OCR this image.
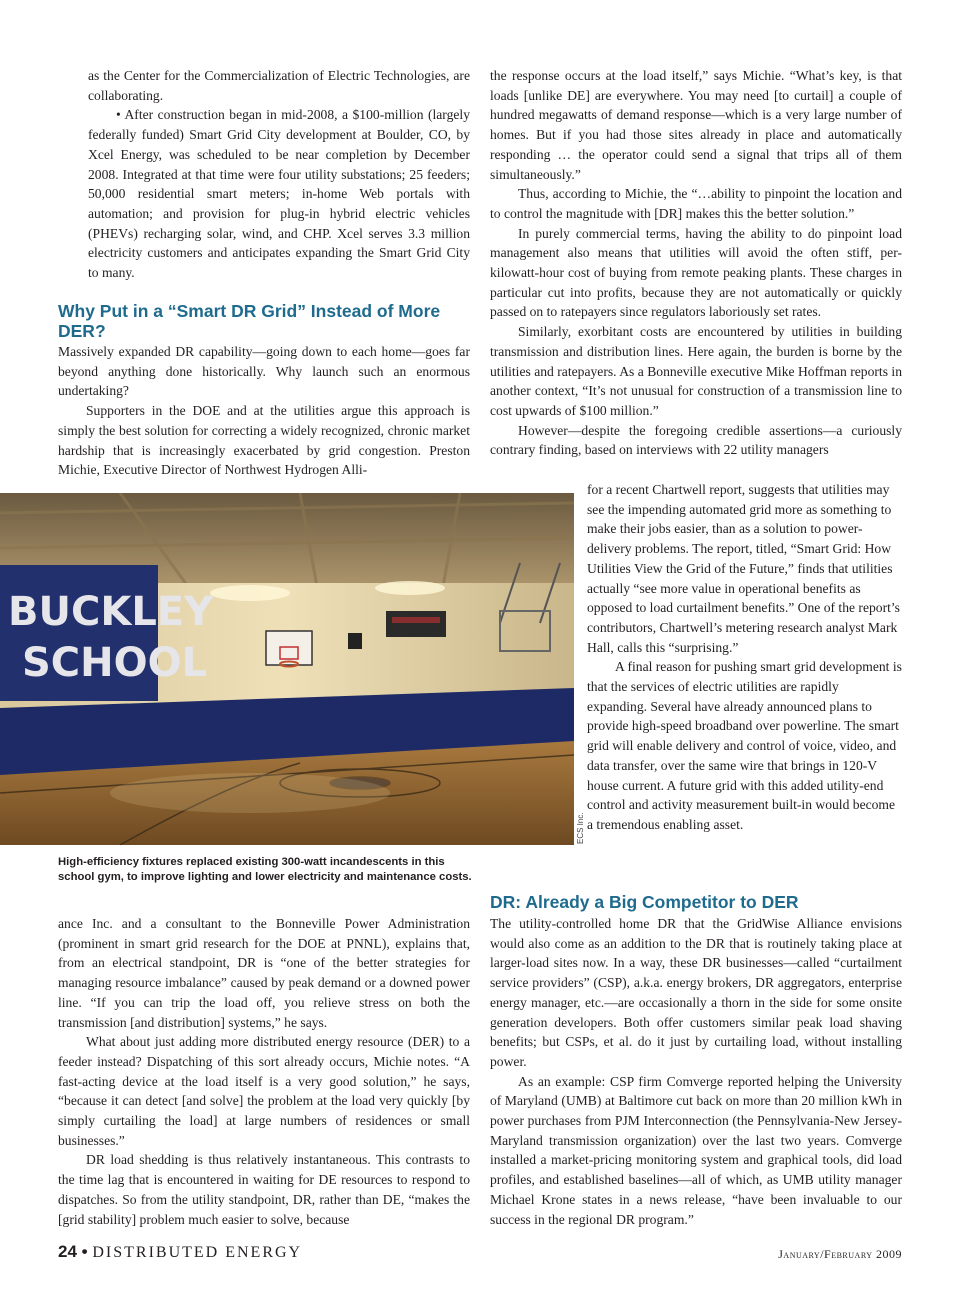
as the Center for the Commercialization of Electric Technologies, are collaborating.

• After construction began in mid-2008, a $100-million (largely federally funded) Smart Grid City development at Boulder, CO, by Xcel Energy, was scheduled to be near completion by December 2008. Integrated at that time were four utility substations; 25 feeders; 50,000 residential smart meters; in-home Web portals with automation; and provision for plug-in hybrid electric vehicles (PHEVs) recharging solar, wind, and CHP. Xcel serves 3.3 million electricity customers and anticipates expanding the Smart Grid City to many.

Why Put in a “Smart DR Grid” Instead of More DER?

Massively expanded DR capability—going down to each home—goes far beyond anything done historically. Why launch such an enormous undertaking?

Supporters in the DOE and at the utilities argue this approach is simply the best solution for correcting a widely recognized, chronic market hardship that is increasingly exacerbated by grid congestion. Preston Michie, Executive Director of Northwest Hydrogen Alli-

BUCKLEY
SCHOOL
ECS Inc.

High-efficiency fixtures replaced existing 300-watt incandescents in this school gym, to improve lighting and lower electricity and maintenance costs.

ance Inc. and a consultant to the Bonneville Power Administration (prominent in smart grid research for the DOE at PNNL), explains that, from an electrical standpoint, DR is “one of the better strategies for managing resource imbalance” caused by peak demand or a downed power line. “If you can trip the load off, you relieve stress on both the transmission [and distribution] systems,” he says.

What about just adding more distributed energy resource (DER) to a feeder instead? Dispatching of this sort already occurs, Michie notes. “A fast-acting device at the load itself is a very good solution,” he says, “because it can detect [and solve] the problem at the load very quickly [by simply curtailing the load] at large numbers of residences or small businesses.”

DR load shedding is thus relatively instantaneous. This contrasts to the time lag that is encountered in waiting for DE resources to respond to dispatches. So from the utility standpoint, DR, rather than DE, “makes the [grid stability] problem much easier to solve, because

the response occurs at the load itself,” says Michie. “What’s key, is that loads [unlike DE] are everywhere. You may need [to curtail] a couple of hundred megawatts of demand response—which is a very large number of homes. But if you had those sites already in place and automatically responding … the operator could send a signal that trips all of them simultaneously.”

Thus, according to Michie, the “…ability to pinpoint the location and to control the magnitude with [DR] makes this the better solution.”

In purely commercial terms, having the ability to do pinpoint load management also means that utilities will avoid the often stiff, per-kilowatt-hour cost of buying from remote peaking plants. These charges in particular cut into profits, because they are not automatically or quickly passed on to ratepayers since regulators laboriously set rates.

Similarly, exorbitant costs are encountered by utilities in building transmission and distribution lines. Here again, the burden is borne by the utilities and ratepayers. As a Bonneville executive Mike Hoffman reports in another context, “It’s not unusual for construction of a transmission line to cost upwards of $100 million.”

However—despite the foregoing credible assertions—a curiously contrary finding, based on interviews with 22 utility managers

for a recent Chartwell report, suggests that utilities may see the impending automated grid more as something to make their jobs easier, than as a solution to power-delivery problems. The report, titled, “Smart Grid: How Utilities View the Grid of the Future,” finds that utilities actually “see more value in operational benefits as opposed to load curtailment benefits.” One of the report’s contributors, Chartwell’s metering research analyst Mark Hall, calls this “surprising.”

A final reason for pushing smart grid development is that the services of electric utilities are rapidly expanding. Several have already announced plans to provide high-speed broadband over powerline. The smart grid will enable delivery and control of voice, video, and data transfer, over the same wire that brings in 120-V house current. A future grid with this added utility-end control and activity measurement built-in would become a tremendous enabling asset.

DR: Already a Big Competitor to DER

The utility-controlled home DR that the GridWise Alliance envisions would also come as an addition to the DR that is routinely taking place at larger-load sites now. In a way, these DR businesses—called “curtailment service providers” (CSP), a.k.a. energy brokers, DR aggregators, enterprise energy manager, etc.—are occasionally a thorn in the side for some onsite generation developers. Both offer customers similar peak load shaving benefits; but CSPs, et al. do it just by curtailing load, without installing power.

As an example: CSP firm Comverge reported helping the University of Maryland (UMB) at Baltimore cut back on more than 20 million kWh in power purchases from PJM Interconnection (the Pennsylvania-New Jersey-Maryland transmission organization) over the last two years. Comverge installed a market-pricing monitoring system and graphical tools, did load profiles, and established baselines—all of which, as UMB utility manager Michael Krone states in a news release, “have been invaluable to our success in the regional DR program.”

24 • DISTRIBUTED ENERGY	January/February 2009
